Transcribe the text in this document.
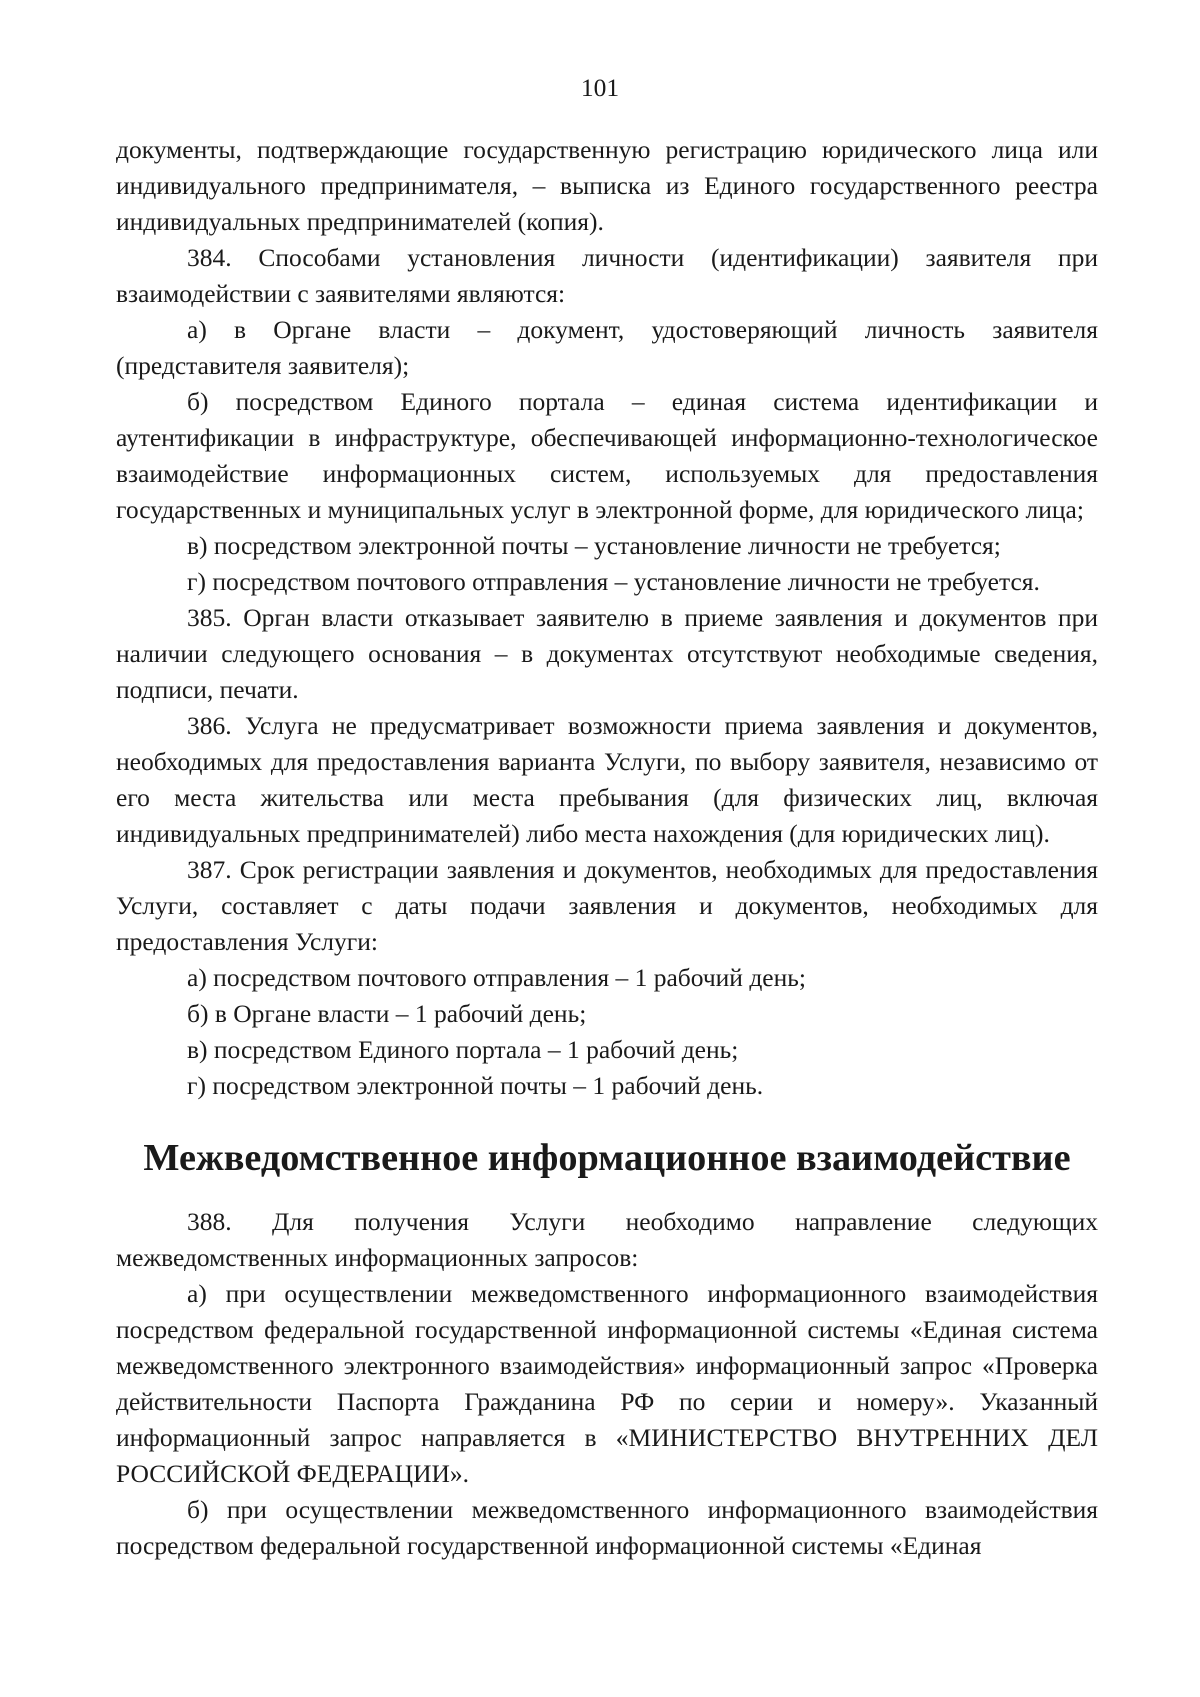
101

документы, подтверждающие государственную регистрацию юридического лица или индивидуального предпринимателя, – выписка из Единого государственного реестра индивидуальных предпринимателей (копия).

384. Способами установления личности (идентификации) заявителя при взаимодействии с заявителями являются:

а) в Органе власти – документ, удостоверяющий личность заявителя (представителя заявителя);

б) посредством Единого портала – единая система идентификации и аутентификации в инфраструктуре, обеспечивающей информационно-технологическое взаимодействие информационных систем, используемых для предоставления государственных и муниципальных услуг в электронной форме, для юридического лица;

в) посредством электронной почты – установление личности не требуется;

г) посредством почтового отправления – установление личности не требуется.

385. Орган власти отказывает заявителю в приеме заявления и документов при наличии следующего основания – в документах отсутствуют необходимые сведения, подписи, печати.

386. Услуга не предусматривает возможности приема заявления и документов, необходимых для предоставления варианта Услуги, по выбору заявителя, независимо от его места жительства или места пребывания (для физических лиц, включая индивидуальных предпринимателей) либо места нахождения (для юридических лиц).

387. Срок регистрации заявления и документов, необходимых для предоставления Услуги, составляет с даты подачи заявления и документов, необходимых для предоставления Услуги:

а) посредством почтового отправления – 1 рабочий день;

б) в Органе власти – 1 рабочий день;

в) посредством Единого портала – 1 рабочий день;

г) посредством электронной почты – 1 рабочий день.

Межведомственное информационное взаимодействие

388. Для получения Услуги необходимо направление следующих межведомственных информационных запросов:

а) при осуществлении межведомственного информационного взаимодействия посредством федеральной государственной информационной системы «Единая система межведомственного электронного взаимодействия» информационный запрос «Проверка действительности Паспорта Гражданина РФ по серии и номеру». Указанный информационный запрос направляется в «МИНИСТЕРСТВО ВНУТРЕННИХ ДЕЛ РОССИЙСКОЙ ФЕДЕРАЦИИ».

б) при осуществлении межведомственного информационного взаимодействия посредством федеральной государственной информационной системы «Единая
